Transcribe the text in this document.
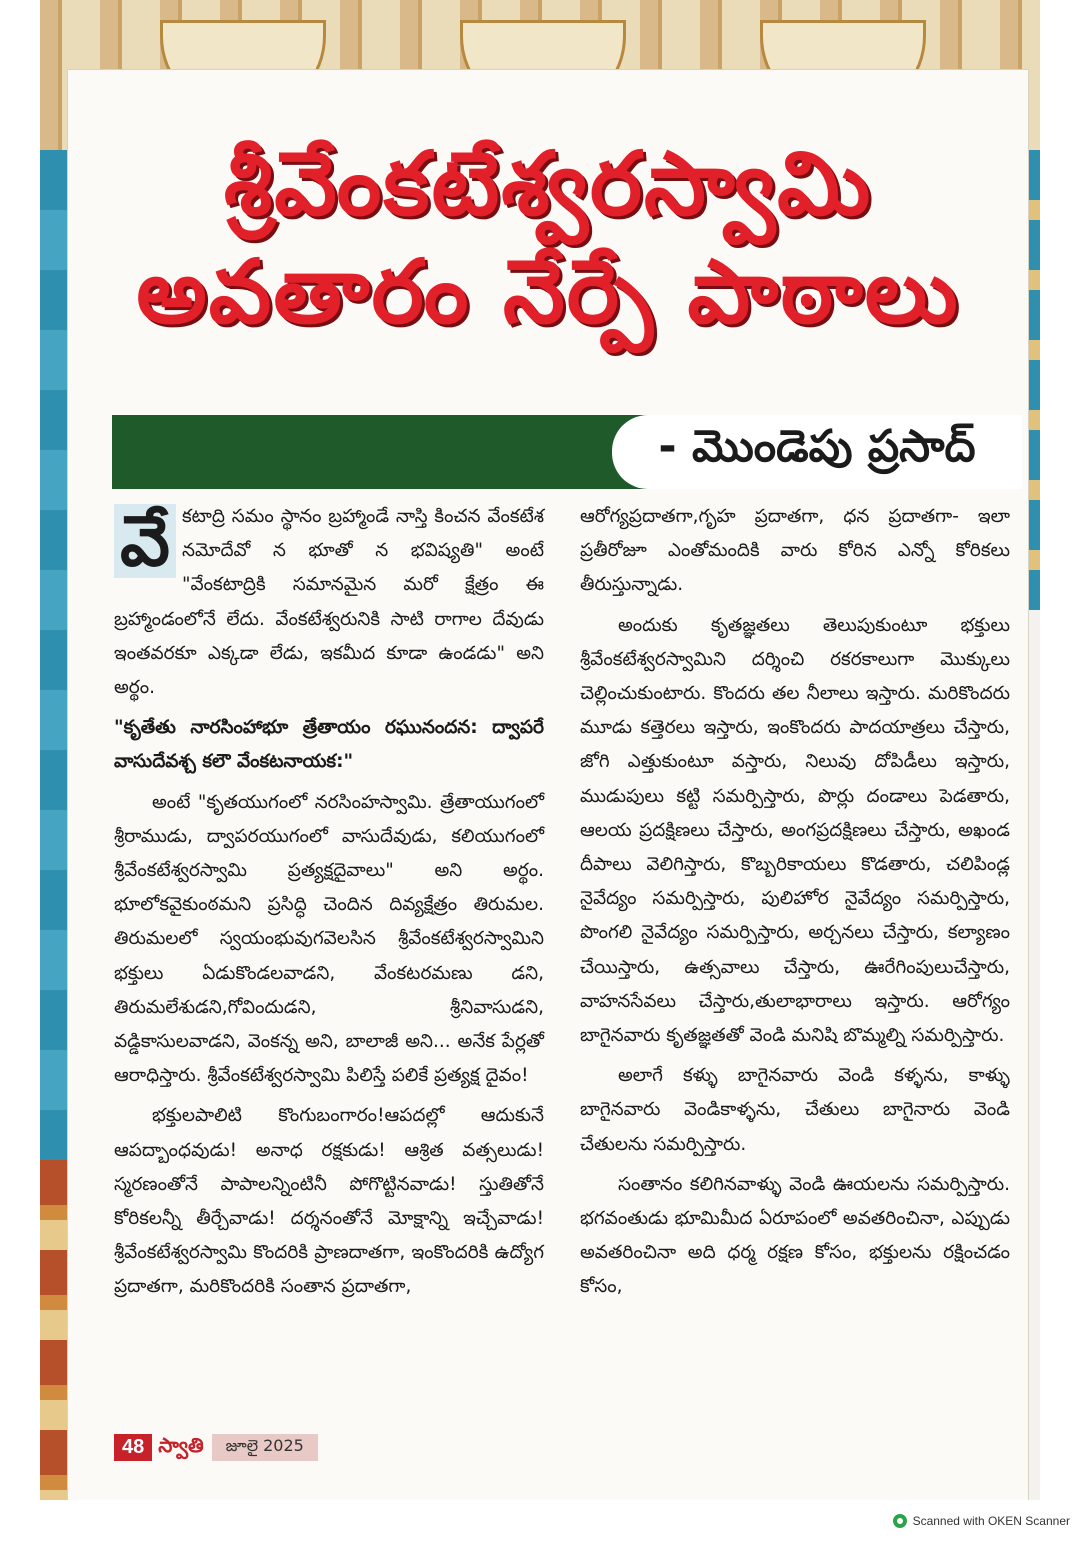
శ్రీవేంకటేశ్వరస్వామి
అవతారం నేర్పే పాఠాలు
- మొండెపు ప్రసాద్

వే కటాద్రి సమం స్థానం బ్రహ్మాండే నాస్తి కించన వేంకటేశ నమోదేవో న భూతో న భవిష్యతి" అంటే "వేంకటాద్రికి సమానమైన మరో క్షేత్రం ఈ బ్రహ్మాండంలోనే లేదు. వేంకటేశ్వరునికి సాటి రాగాల దేవుడు ఇంతవరకూ ఎక్కడా లేడు, ఇకమీద కూడా ఉండడు" అని అర్థం.

"కృతేతు నారసింహాభూ త్రేతాయం రఘునందన: ద్వాపరే వాసుదేవశ్చ కలౌ వేంకటనాయక:"

అంటే "కృతయుగంలో నరసింహస్వామి. త్రేతాయుగంలో శ్రీరాముడు, ద్వాపరయుగంలో వాసుదేవుడు, కలియుగంలో శ్రీవేంకటేశ్వరస్వామి ప్రత్యక్షదైవాలు" అని అర్థం. భూలోకవైకుంఠమని ప్రసిద్ధి చెందిన దివ్యక్షేత్రం తిరుమల. తిరుమలలో స్వయంభువుగవెలసిన శ్రీవేంకటేశ్వరస్వామిని భక్తులు ఏడుకొండలవాడని, వేంకటరమణు డని, తిరుమలేశుడని,గోవిందుడని, శ్రీనివాసుడని, వడ్డికాసులవాడని, వెంకన్న అని, బాలాజీ అని... అనేక పేర్లతో ఆరాధిస్తారు. శ్రీవేంకటేశ్వరస్వామి పిలిస్తే పలికే ప్రత్యక్ష దైవం!

భక్తులపాలిటి కొంగుబంగారం!ఆపదల్లో ఆదుకునే ఆపద్బాంధవుడు! అనాధ రక్షకుడు! ఆశ్రిత వత్సలుడు! స్మరణంతోనే పాపాలన్నింటినీ పోగొట్టినవాడు! స్తుతితోనే కోరికలన్నీ తీర్చేవాడు! దర్శనంతోనే మోక్షాన్ని ఇచ్చేవాడు! శ్రీవేంకటేశ్వరస్వామి కొందరికి ప్రాణదాతగా, ఇంకొందరికి ఉద్యోగ ప్రదాతగా, మరికొందరికి సంతాన ప్రదాతగా,

ఆరోగ్యప్రదాతగా,గృహ ప్రదాతగా, ధన ప్రదాతగా- ఇలా ప్రతీరోజూ ఎంతోమందికి వారు కోరిన ఎన్నో కోరికలు తీరుస్తున్నాడు.

అందుకు కృతజ్ఞతలు తెలుపుకుంటూ భక్తులు శ్రీవేంకటేశ్వరస్వామిని దర్శించి రకరకాలుగా మొక్కులు చెల్లించుకుంటారు. కొందరు తల నీలాలు ఇస్తారు. మరికొందరు మూడు కత్తెరలు ఇస్తారు, ఇంకొందరు పాదయాత్రలు చేస్తారు, జోగి ఎత్తుకుంటూ వస్తారు, నిలువు దోపిడీలు ఇస్తారు, ముడుపులు కట్టి సమర్పిస్తారు, పొర్లు దండాలు పెడతారు, ఆలయ ప్రదక్షిణలు చేస్తారు, అంగప్రదక్షిణలు చేస్తారు, అఖండ దీపాలు వెలిగిస్తారు, కొబ్బరికాయలు కొడతారు, చలిపిండ్ల నైవేద్యం సమర్పిస్తారు, పులిహోర నైవేద్యం సమర్పిస్తారు, పొంగలి నైవేద్యం సమర్పిస్తారు, అర్చనలు చేస్తారు, కల్యాణం చేయిస్తారు, ఉత్సవాలు చేస్తారు, ఊరేగింపులుచేస్తారు, వాహనసేవలు చేస్తారు,తులాభారాలు ఇస్తారు. ఆరోగ్యం బాగైనవారు కృతజ్ఞతతో వెండి మనిషి బొమ్మల్ని సమర్పిస్తారు.

అలాగే కళ్ళు బాగైనవారు వెండి కళ్ళను, కాళ్ళు బాగైనవారు వెండికాళ్ళను, చేతులు బాగైనారు వెండి చేతులను సమర్పిస్తారు.

సంతానం కలిగినవాళ్ళు వెండి ఊయలను సమర్పిస్తారు. భగవంతుడు భూమిమీద ఏరూపంలో అవతరించినా, ఎప్పుడు అవతరించినా అది ధర్మ రక్షణ కోసం, భక్తులను రక్షించడం కోసం,

48 స్వాతి	జూలై 2025
Scanned with OKEN Scanner
